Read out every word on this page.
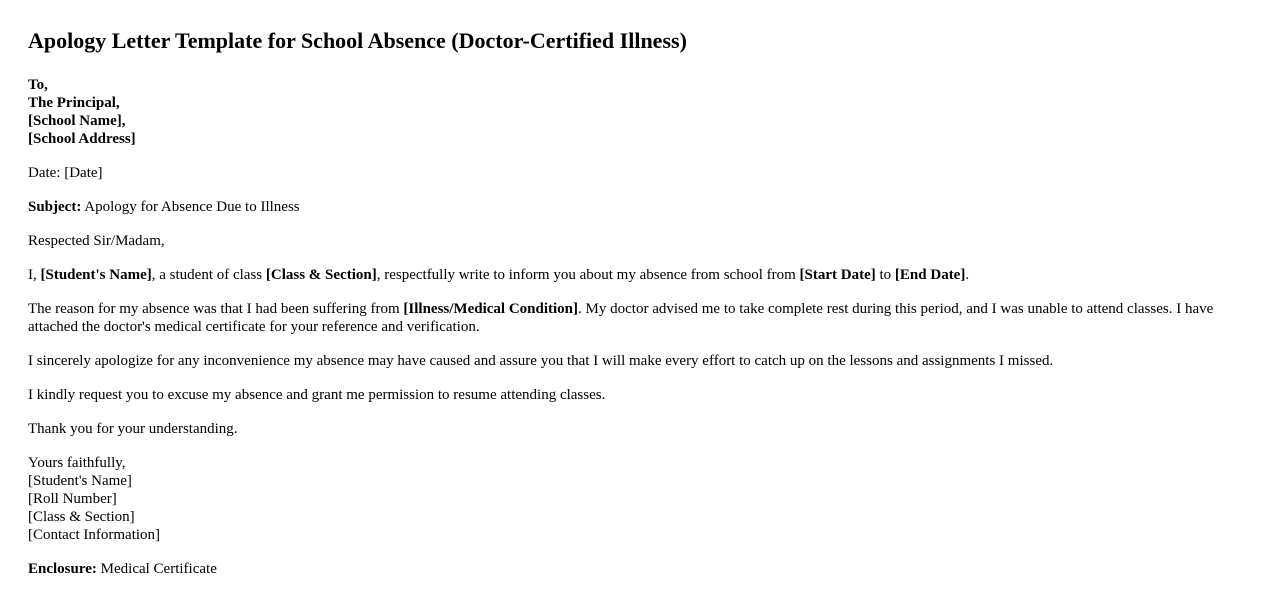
Apology Letter Template for School Absence (Doctor-Certified Illness)

To,
The Principal,
[School Name],
[School Address]

Date: [Date]

Subject: Apology for Absence Due to Illness

Respected Sir/Madam,

I, [Student's Name], a student of class [Class & Section], respectfully write to inform you about my absence from school from [Start Date] to [End Date].

The reason for my absence was that I had been suffering from [Illness/Medical Condition]. My doctor advised me to take complete rest during this period, and I was unable to attend classes. I have attached the doctor's medical certificate for your reference and verification.

I sincerely apologize for any inconvenience my absence may have caused and assure you that I will make every effort to catch up on the lessons and assignments I missed.

I kindly request you to excuse my absence and grant me permission to resume attending classes.

Thank you for your understanding.

Yours faithfully,
[Student's Name]
[Roll Number]
[Class & Section]
[Contact Information]

Enclosure: Medical Certificate
